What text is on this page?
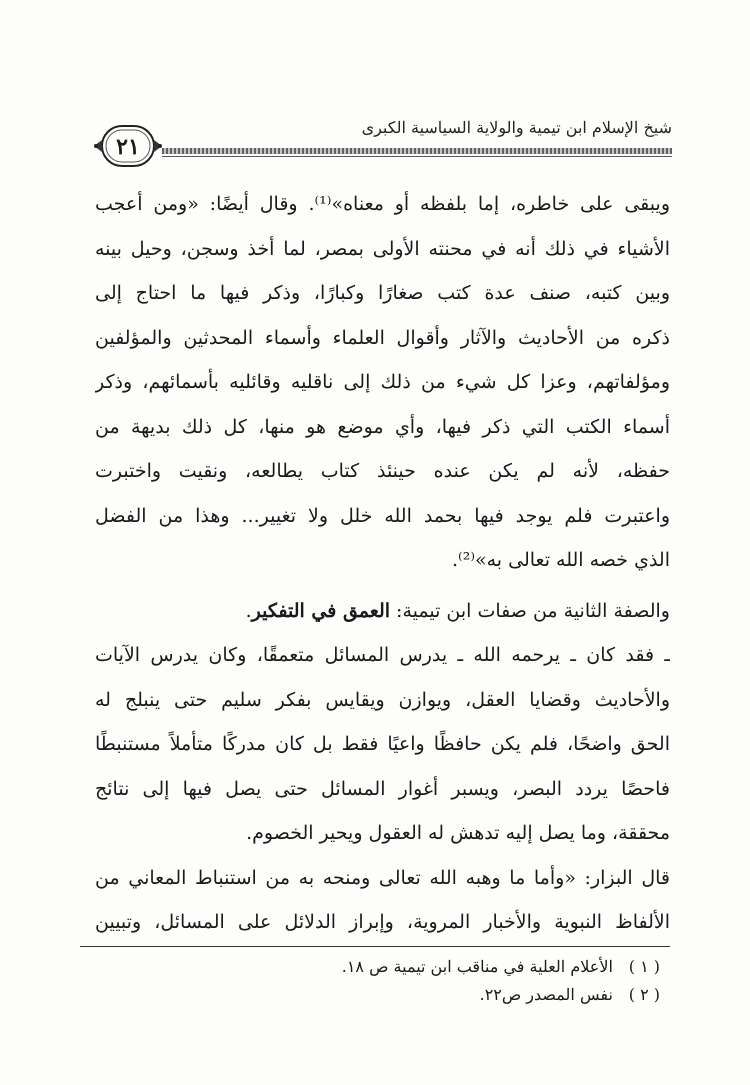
شيخ الإسلام ابن تيمية والولاية السياسية الكبرى
٢١
ويبقى على خاطره، إما بلفظه أو معناه»⁽¹⁾. وقال أيضًا: «ومن أعجب
الأشياء في ذلك أنه في محنته الأولى بمصر، لما أخذ وسجن، وحيل بينه
وبين كتبه، صنف عدة كتب صغارًا وكبارًا، وذكر فيها ما احتاج إلى
ذكره من الأحاديث والآثار وأقوال العلماء وأسماء المحدثين والمؤلفين
ومؤلفاتهم، وعزا كل شيء من ذلك إلى ناقليه وقائليه بأسمائهم، وذكر
أسماء الكتب التي ذكر فيها، وأي موضع هو منها، كل ذلك بديهة من
حفظه، لأنه لم يكن عنده حينئذ كتاب يطالعه، ونقيت واختبرت
واعتبرت فلم يوجد فيها بحمد الله خلل ولا تغيير... وهذا من الفضل
الذي خصه الله تعالى به»⁽²⁾.
والصفة الثانية من صفات ابن تيمية: العمق في التفكير.
ـ فقد كان ـ يرحمه الله ـ يدرس المسائل متعمقًا، وكان يدرس الآيات
والأحاديث وقضايا العقل، ويوازن ويقايس بفكر سليم حتى ينبلج له
الحق واضحًا، فلم يكن حافظًا واعيًا فقط بل كان مدركًا متأملاً مستنبطًا
فاحصًا يردد البصر، ويسبر أغوار المسائل حتى يصل فيها إلى نتائج
محققة، وما يصل إليه تدهش له العقول ويحير الخصوم.
قال البزار: «وأما ما وهبه الله تعالى ومنحه به من استنباط المعاني من
الألفاظ النبوية والأخبار المروية، وإبراز الدلائل على المسائل، وتبيين
( ١ ) الأعلام العلية في مناقب ابن تيمية ص ١٨.
( ٢ ) نفس المصدر ص٢٢.
